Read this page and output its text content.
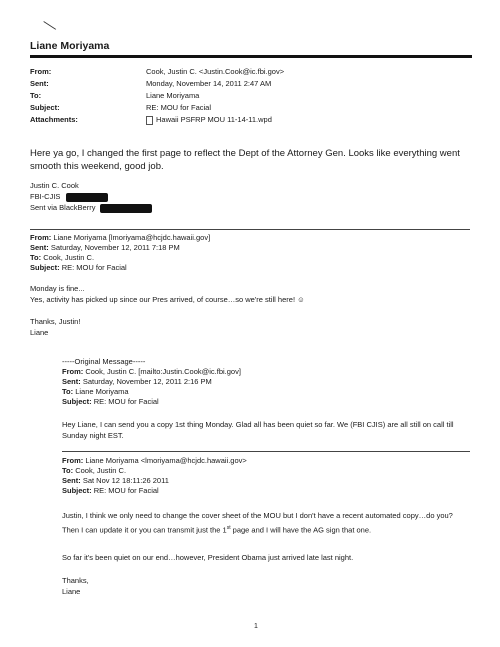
╲
Liane Moriyama
From:	Cook, Justin C. <Justin.Cook@ic.fbi.gov>
Sent:	Monday, November 14, 2011 2:47 AM
To:	Liane Moriyama
Subject:	RE: MOU for Facial
Attachments:	Hawaii PSFRP MOU 11-14-11.wpd
Here ya go, I changed the first page to reflect the Dept of the Attorney Gen. Looks like everything went smooth this weekend, good job.
Justin C. Cook
FBI-CJIS
Sent via BlackBerry
From: Liane Moriyama [lmoriyama@hcjdc.hawaii.gov]
Sent: Saturday, November 12, 2011 7:18 PM
To: Cook, Justin C.
Subject: RE: MOU for Facial
Monday is fine...
Yes, activity has picked up since our Pres arrived, of course…so we're still here! ☺
Thanks, Justin!
Liane
-----Original Message-----
From: Cook, Justin C. [mailto:Justin.Cook@ic.fbi.gov]
Sent: Saturday, November 12, 2011 2:16 PM
To: Liane Moriyama
Subject: RE: MOU for Facial
Hey Liane, I can send you a copy 1st thing Monday. Glad all has been quiet so far. We (FBI CJIS) are all still on call till Sunday night EST.
From: Liane Moriyama <lmoriyama@hcjdc.hawaii.gov>
To: Cook, Justin C.
Sent: Sat Nov 12 18:11:26 2011
Subject: RE: MOU for Facial
Justin, I think we only need to change the cover sheet of the MOU but I don't have a recent automated copy…do you? Then I can update it or you can transmit just the 1st page and I will have the AG sign that one.
So far it's been quiet on our end…however, President Obama just arrived late last night.
Thanks,
Liane
1
